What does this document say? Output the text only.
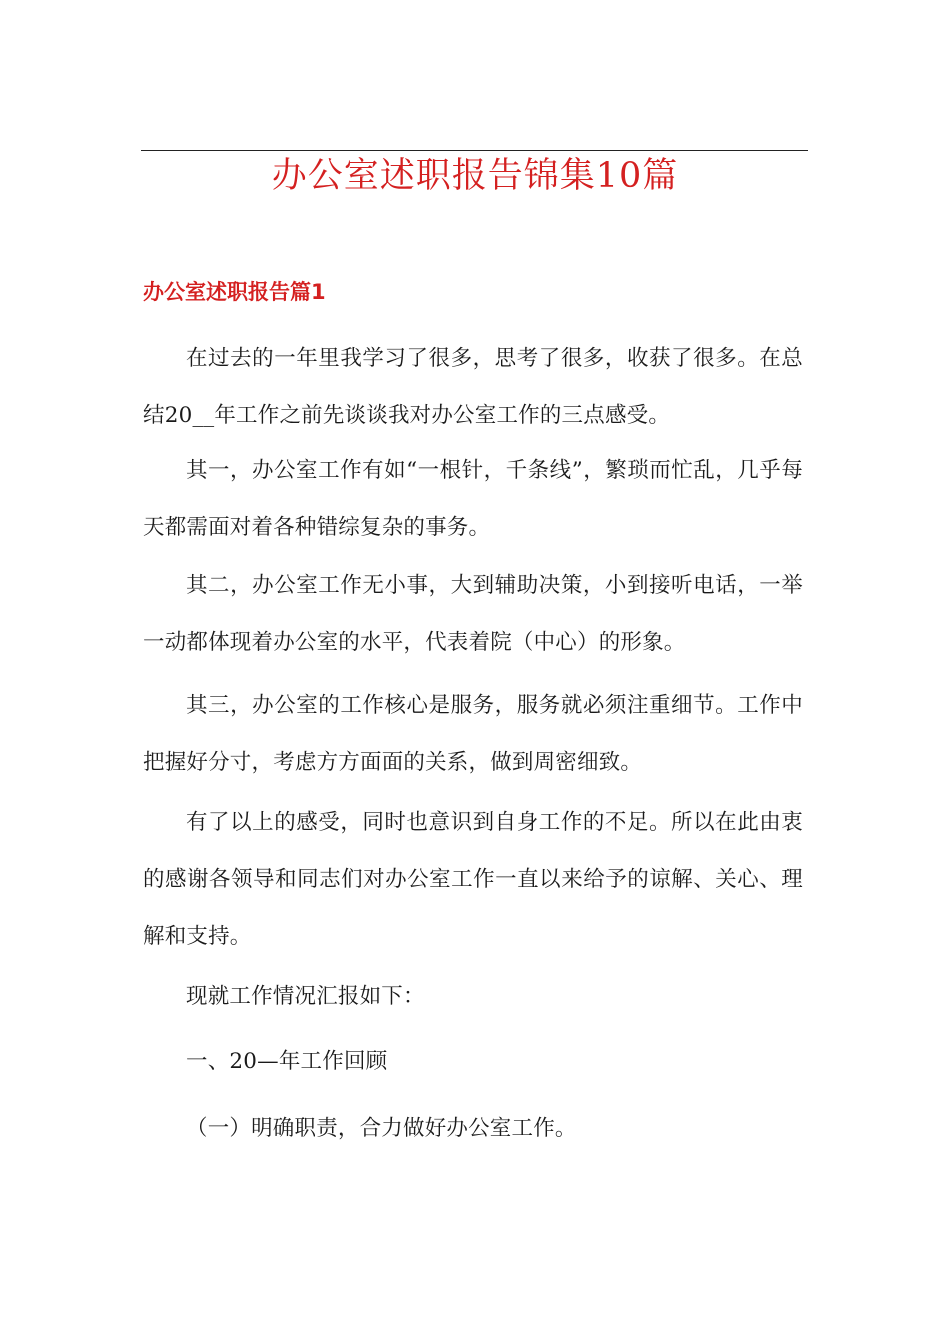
办公室述职报告锦集10篇
办公室述职报告篇1

在过去的一年里我学习了很多，思考了很多，收获了很多。在总结20__年工作之前先谈谈我对办公室工作的三点感受。

其一，办公室工作有如“一根针，千条线”，繁琐而忙乱，几乎每天都需面对着各种错综复杂的事务。

其二，办公室工作无小事，大到辅助决策，小到接听电话，一举一动都体现着办公室的水平，代表着院（中心）的形象。

其三，办公室的工作核心是服务，服务就必须注重细节。工作中把握好分寸，考虑方方面面的关系，做到周密细致。

有了以上的感受，同时也意识到自身工作的不足。所以在此由衷的感谢各领导和同志们对办公室工作一直以来给予的谅解、关心、理解和支持。

现就工作情况汇报如下：

一、20—年工作回顾

（一）明确职责，合力做好办公室工作。
